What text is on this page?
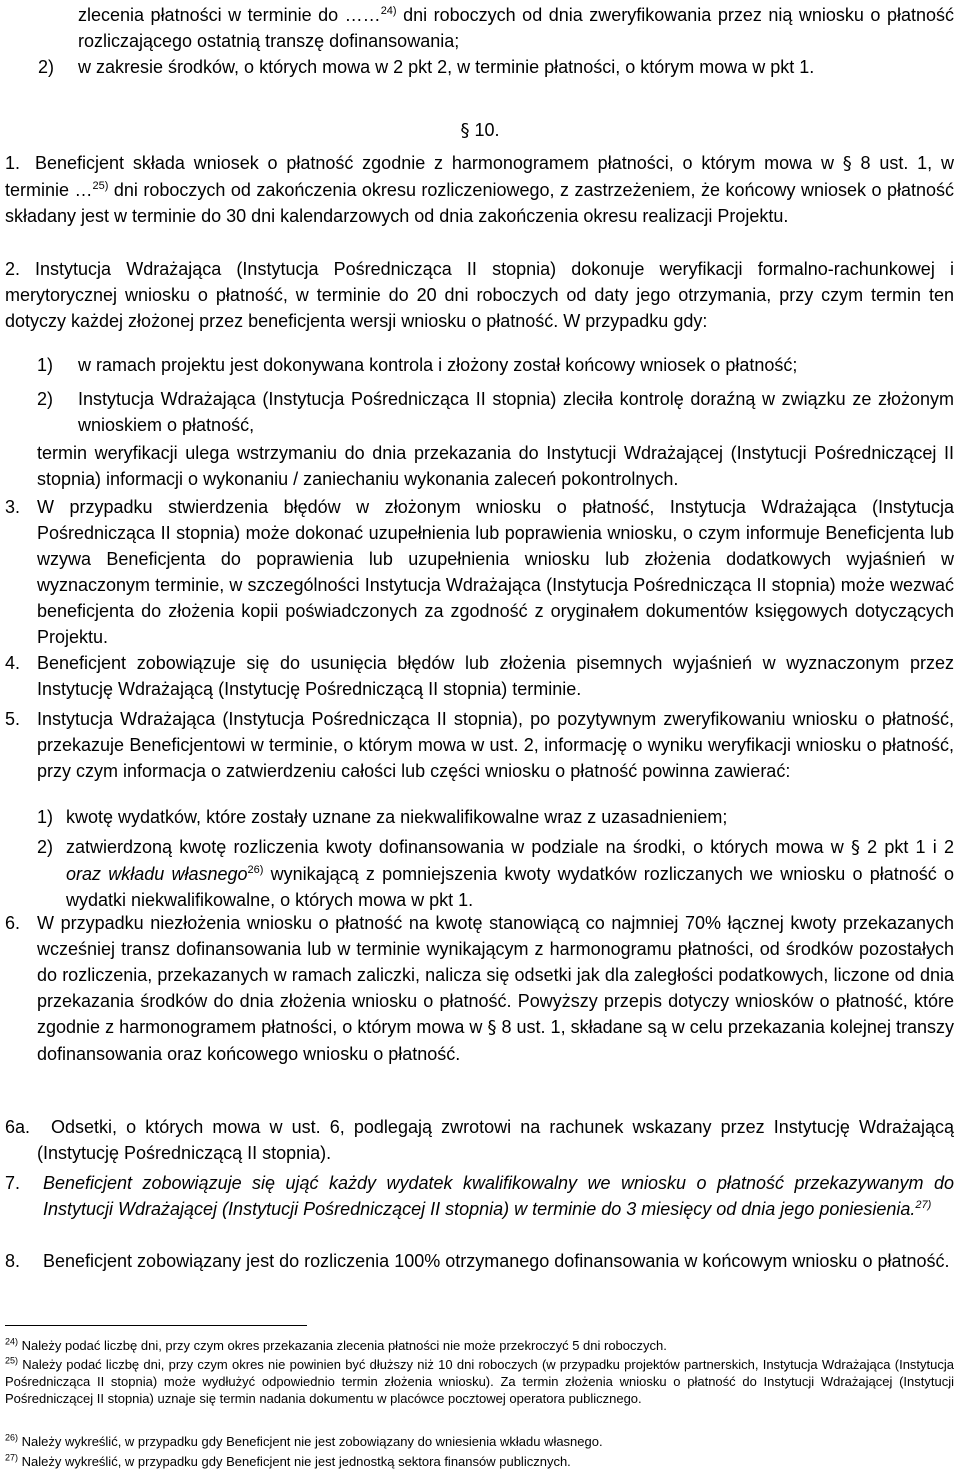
zlecenia płatności w terminie do ……$^{24)}$ dni roboczych od dnia zweryfikowania przez nią wniosku o płatność rozliczającego ostatnią transzę dofinansowania;
2) w zakresie środków, o których mowa w 2 pkt 2, w terminie płatności, o którym mowa w pkt 1.
§ 10.
1. Beneficjent składa wniosek o płatność zgodnie z harmonogramem płatności, o którym mowa w § 8 ust. 1, w terminie …$^{25)}$ dni roboczych od zakończenia okresu rozliczeniowego, z zastrzeżeniem, że końcowy wniosek o płatność składany jest w terminie do 30 dni kalendarzowych od dnia zakończenia okresu realizacji Projektu.
2. Instytucja Wdrażająca (Instytucja Pośrednicząca II stopnia) dokonuje weryfikacji formalno-rachunkowej i merytorycznej wniosku o płatność, w terminie do 20 dni roboczych od daty jego otrzymania, przy czym termin ten dotyczy każdej złożonej przez beneficjenta wersji wniosku o płatność. W przypadku gdy:
1) w ramach projektu jest dokonywana kontrola i złożony został końcowy wniosek o płatność;
2) Instytucja Wdrażająca (Instytucja Pośrednicząca II stopnia) zleciła kontrolę doraźną w związku ze złożonym wnioskiem o płatność,
termin weryfikacji ulega wstrzymaniu do dnia przekazania do Instytucji Wdrażającej (Instytucji Pośredniczącej II stopnia) informacji o wykonaniu / zaniechaniu wykonania zaleceń pokontrolnych.
3. W przypadku stwierdzenia błędów w złożonym wniosku o płatność, Instytucja Wdrażająca (Instytucja Pośrednicząca II stopnia) może dokonać uzupełnienia lub poprawienia wniosku, o czym informuje Beneficjenta lub wzywa Beneficjenta do poprawienia lub uzupełnienia wniosku lub złożenia dodatkowych wyjaśnień w wyznaczonym terminie, w szczególności Instytucja Wdrażająca (Instytucja Pośrednicząca II stopnia) może wezwać beneficjenta do złożenia kopii poświadczonych za zgodność z oryginałem dokumentów księgowych dotyczących Projektu.
4. Beneficjent zobowiązuje się do usunięcia błędów lub złożenia pisemnych wyjaśnień w wyznaczonym przez Instytucję Wdrażającą (Instytucję Pośredniczącą II stopnia) terminie.
5. Instytucja Wdrażająca (Instytucja Pośrednicząca II stopnia), po pozytywnym zweryfikowaniu wniosku o płatność, przekazuje Beneficjentowi w terminie, o którym mowa w ust. 2, informację o wyniku weryfikacji wniosku o płatność, przy czym informacja o zatwierdzeniu całości lub części wniosku o płatność powinna zawierać:
1) kwotę wydatków, które zostały uznane za niekwalifikowalne wraz z uzasadnieniem;
2) zatwierdzoną kwotę rozliczenia kwoty dofinansowania w podziale na środki, o których mowa w § 2 pkt 1 i 2 oraz wkładu własnego$^{26)}$ wynikającą z pomniejszenia kwoty wydatków rozliczanych we wniosku o płatność o wydatki niekwalifikowalne, o których mowa w pkt 1.
6. W przypadku niezłożenia wniosku o płatność na kwotę stanowiącą co najmniej 70% łącznej kwoty przekazanych wcześniej transz dofinansowania lub w terminie wynikającym z harmonogramu płatności, od środków pozostałych do rozliczenia, przekazanych w ramach zaliczki, nalicza się odsetki jak dla zaległości podatkowych, liczone od dnia przekazania środków do dnia złożenia wniosku o płatność. Powyższy przepis dotyczy wniosków o płatność, które zgodnie z harmonogramem płatności, o którym mowa w § 8 ust. 1, składane są w celu przekazania kolejnej transzy dofinansowania oraz końcowego wniosku o płatność.
6a.	Odsetki, o których mowa w ust. 6, podlegają zwrotowi na rachunek wskazany przez Instytucję Wdrażającą (Instytucję Pośredniczącą II stopnia).
7. Beneficjent zobowiązuje się ująć każdy wydatek kwalifikowalny we wniosku o płatność przekazywanym do Instytucji Wdrażającej (Instytucji Pośredniczącej II stopnia) w terminie do 3 miesięcy od dnia jego poniesienia.$^{27)}$
8. Beneficjent zobowiązany jest do rozliczenia 100% otrzymanego dofinansowania w końcowym wniosku o płatność.
$^{24)}$ Należy podać liczbę dni, przy czym okres przekazania zlecenia płatności nie może przekroczyć 5 dni roboczych.
$^{25)}$ Należy podać liczbę dni, przy czym okres nie powinien być dłuższy niż 10 dni roboczych (w przypadku projektów partnerskich, Instytucja Wdrażająca (Instytucja Pośrednicząca II stopnia) może wydłużyć odpowiednio termin złożenia wniosku). Za termin złożenia wniosku o płatność do Instytucji Wdrażającej (Instytucji Pośredniczącej II stopnia) uznaje się termin nadania dokumentu w placówce pocztowej operatora publicznego.
$^{26)}$ Należy wykreślić, w przypadku gdy Beneficjent nie jest zobowiązany do wniesienia wkładu własnego.
$^{27)}$ Należy wykreślić, w przypadku gdy Beneficjent nie jest jednostką sektora finansów publicznych.
